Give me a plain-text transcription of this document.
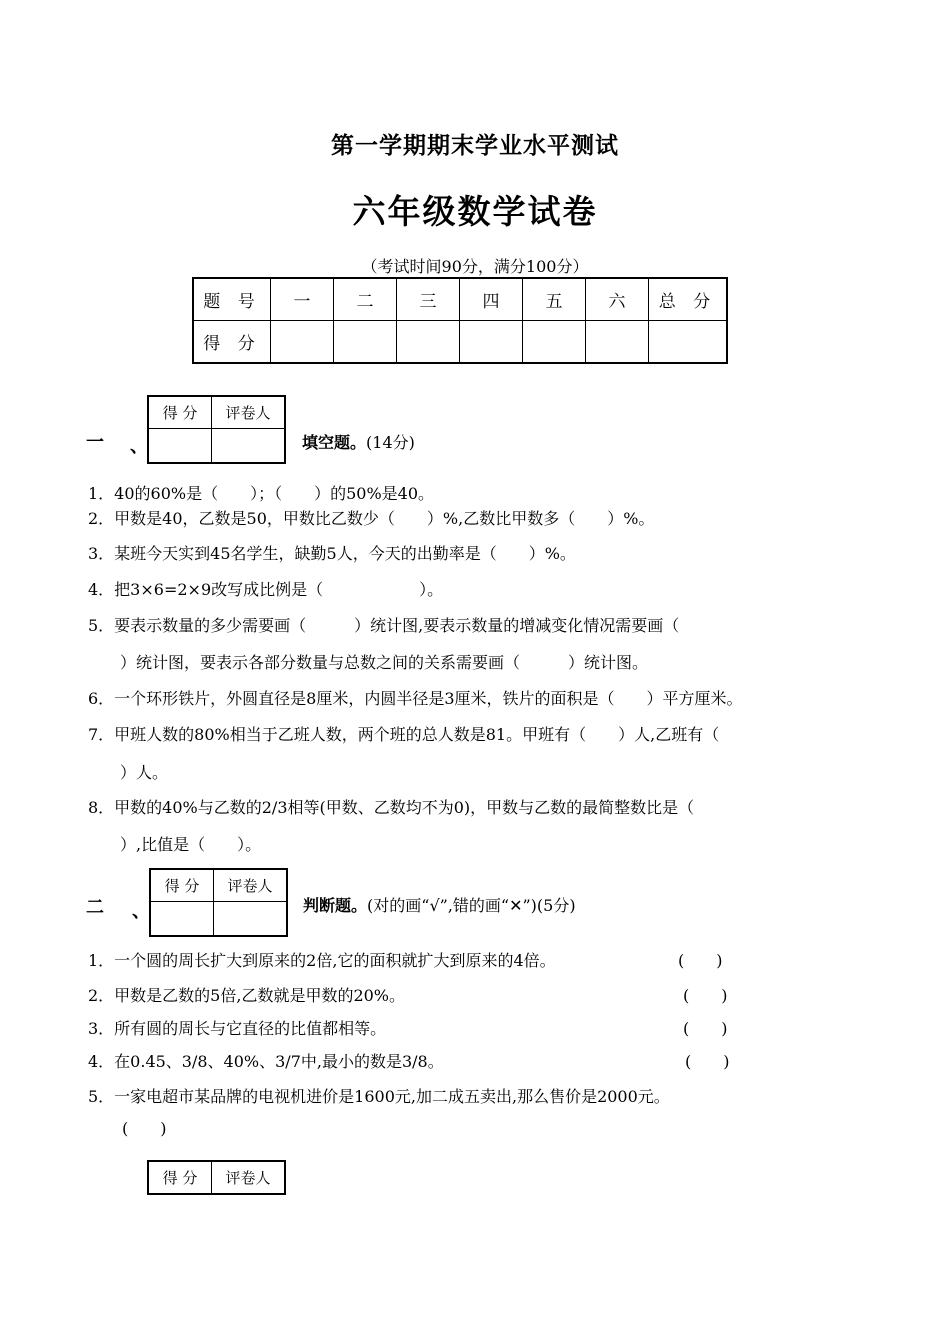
第一学期期末学业水平测试
六年级数学试卷
（考试时间90分，满分100分）
题 号	一	二	三	四	五	六	总 分
得 分							
得 分	评卷人

一 、	填空题。(14分)
1．40的60%是（　　）；（　　）的50%是40。
2．甲数是40，乙数是50，甲数比乙数少（　　）%,乙数比甲数多（　　）%。
3．某班今天实到45名学生，缺勤5人，今天的出勤率是（　　）%。
4．把3×6=2×9改写成比例是（　　　　　　）。
5．要表示数量的多少需要画（　　　）统计图,要表示数量的增减变化情况需要画（
）统计图，要表示各部分数量与总数之间的关系需要画（　　　）统计图。
6．一个环形铁片，外圆直径是8厘米，内圆半径是3厘米，铁片的面积是（　　）平方厘米。
7．甲班人数的80%相当于乙班人数，两个班的总人数是81。甲班有（　　）人,乙班有（
）人。
8．甲数的40%与乙数的2/3相等(甲数、乙数均不为0)，甲数与乙数的最简整数比是（
）,比值是（　　）。
得 分	评卷人

二 、	判断题。(对的画“√”,错的画“✕”)(5分)
1．一个圆的周长扩大到原来的2倍,它的面积就扩大到原来的4倍。	(　　)
2．甲数是乙数的5倍,乙数就是甲数的20%。	(　　)
3．所有圆的周长与它直径的比值都相等。	(　　)
4．在0.45、3/8、40%、3/7中,最小的数是3/8。	(　　)
5．一家电超市某品牌的电视机进价是1600元,加二成五卖出,那么售价是2000元。
(　　)
得 分	评卷人
